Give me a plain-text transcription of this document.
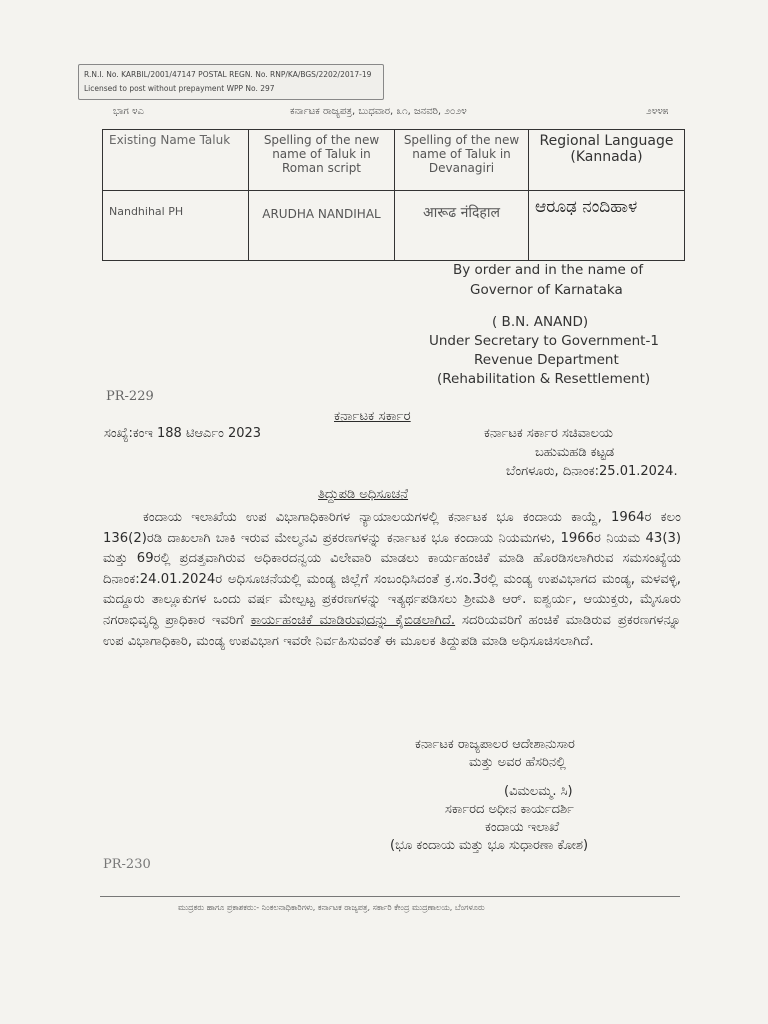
R.N.I. No. KARBIL/2001/47147 POSTAL REGN. No. RNP/KA/BGS/2202/2017-19
Licensed to post without prepayment WPP No. 297
ಭಾಗ ೪ಎ	ಕರ್ನಾಟಕ ರಾಜ್ಯಪತ್ರ, ಬುಧವಾರ, ೩೧, ಜನವರಿ, ೨೦೨೪	೨೪೪೫
Existing Name Taluk	Spelling of the new name of Taluk in Roman script	Spelling of the new name of Taluk in Devanagiri	Regional Language (Kannada)
Nandhihal PH	ARUDHA NANDIHAL	आरूढ नंदिहाल	ಆರೂಢ ನಂದಿಹಾಳ
By order and in the name of
Governor of Karnataka
( B.N. ANAND)
Under Secretary to Government-1
Revenue Department
(Rehabilitation & Resettlement)
PR-229
ಕರ್ನಾಟಕ ಸರ್ಕಾರ
ಸಂಖ್ಯೆ:ಕಂಇ 188 ಟಿಆರ್ಎಂ 2023	ಕರ್ನಾಟಕ ಸರ್ಕಾರ ಸಚಿವಾಲಯ
ಬಹುಮಹಡಿ ಕಟ್ಟಡ
ಬೆಂಗಳೂರು, ದಿನಾಂಕ:25.01.2024.
ತಿದ್ದುಪಡಿ ಅಧಿಸೂಚನೆ

ಕಂದಾಯ ಇಲಾಖೆಯ ಉಪ ವಿಭಾಗಾಧಿಕಾರಿಗಳ ನ್ಯಾಯಾಲಯಗಳಲ್ಲಿ ಕರ್ನಾಟಕ ಭೂ ಕಂದಾಯ ಕಾಯ್ದೆ, 1964ರ ಕಲಂ 136(2)ರಡಿ ದಾಖಲಾಗಿ ಬಾಕಿ ಇರುವ ಮೇಲ್ಮನವಿ ಪ್ರಕರಣಗಳನ್ನು ಕರ್ನಾಟಕ ಭೂ ಕಂದಾಯ ನಿಯಮಗಳು, 1966ರ ನಿಯಮ 43(3) ಮತ್ತು 69ರಲ್ಲಿ ಪ್ರದತ್ತವಾಗಿರುವ ಅಧಿಕಾರದನ್ವಯ ವಿಲೇವಾರಿ ಮಾಡಲು ಕಾರ್ಯಹಂಚಿಕೆ ಮಾಡಿ ಹೊರಡಿಸಲಾಗಿರುವ ಸಮಸಂಖ್ಯೆಯ ದಿನಾಂಕ:24.01.2024ರ ಅಧಿಸೂಚನೆಯಲ್ಲಿ ಮಂಡ್ಯ ಜಿಲ್ಲೆಗೆ ಸಂಬಂಧಿಸಿದಂತೆ ಕ್ರ.ಸಂ.3ರಲ್ಲಿ ಮಂಡ್ಯ ಉಪವಿಭಾಗದ ಮಂಡ್ಯ, ಮಳವಳ್ಳಿ, ಮದ್ದೂರು ತಾಲ್ಲೂಕುಗಳ ಒಂದು ವರ್ಷ ಮೇಲ್ಪಟ್ಟ ಪ್ರಕರಣಗಳನ್ನು ಇತ್ಯರ್ಥಪಡಿಸಲು ಶ್ರೀಮತಿ ಆರ್. ಐಶ್ವರ್ಯ, ಆಯುಕ್ತರು, ಮೈಸೂರು ನಗರಾಭಿವೃದ್ಧಿ ಪ್ರಾಧಿಕಾರ ಇವರಿಗೆ ಕಾರ್ಯಹಂಚಿಕೆ ಮಾಡಿರುವುದನ್ನು ಕೈಬಿಡಲಾಗಿದೆ. ಸದರಿಯವರಿಗೆ ಹಂಚಿಕೆ ಮಾಡಿರುವ ಪ್ರಕರಣಗಳನ್ನೂ ಉಪ ವಿಭಾಗಾಧಿಕಾರಿ, ಮಂಡ್ಯ ಉಪವಿಭಾಗ ಇವರೇ ನಿರ್ವಹಿಸುವಂತೆ ಈ ಮೂಲಕ ತಿದ್ದುಪಡಿ ಮಾಡಿ ಅಧಿಸೂಚಿಸಲಾಗಿದೆ.

ಕರ್ನಾಟಕ ರಾಜ್ಯಪಾಲರ ಆದೇಶಾನುಸಾರ
ಮತ್ತು ಅವರ ಹೆಸರಿನಲ್ಲಿ
(ವಿಮಲಮ್ಮ. ಸಿ)
ಸರ್ಕಾರದ ಅಧೀನ ಕಾರ್ಯದರ್ಶಿ
ಕಂದಾಯ ಇಲಾಖೆ
(ಭೂ ಕಂದಾಯ ಮತ್ತು ಭೂ ಸುಧಾರಣಾ ಕೋಶ)
PR-230
ಮುದ್ರಕರು ಹಾಗೂ ಪ್ರಕಾಶಕರು:- ನಿಂಕಲನಾಧಿಕಾರಿಗಳು, ಕರ್ನಾಟಕ ರಾಜ್ಯಪತ್ರ, ಸರ್ಕಾರಿ ಕೇಂದ್ರ ಮುದ್ರಣಾಲಯ, ಬೆಂಗಳೂರು
